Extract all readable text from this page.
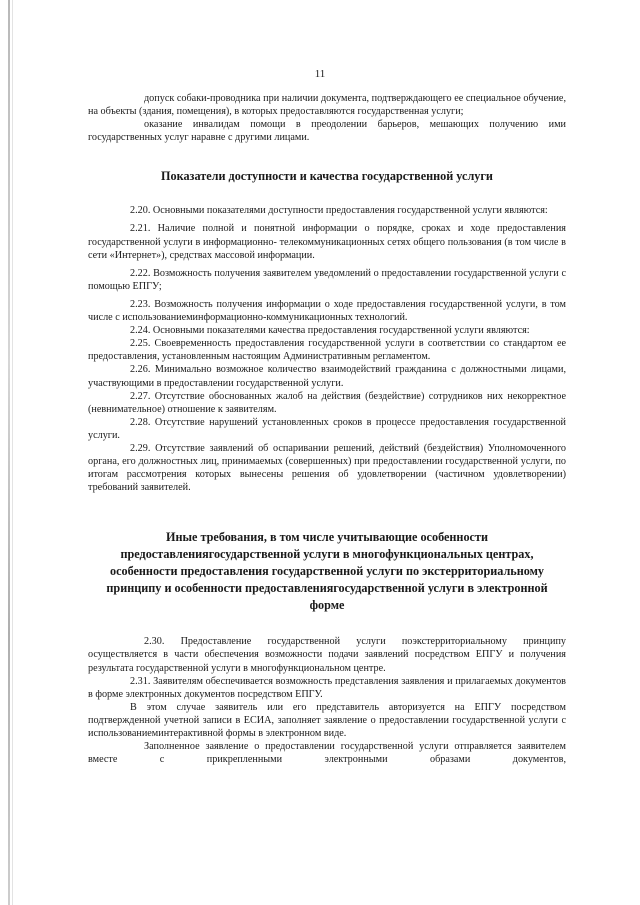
11

допуск собаки-проводника при наличии документа, подтверждающего ее специальное обучение, на объекты (здания, помещения), в которых предоставляются государственная услуги;

оказание инвалидам помощи в преодолении барьеров, мешающих получению ими государственных услуг наравне с другими лицами.

Показатели доступности и качества государственной услуги

2.20. Основными показателями доступности предоставления государственной услуги являются:

2.21. Наличие полной и понятной информации о порядке, сроках и ходе предоставления государственной услуги в информационно- телекоммуникационных сетях общего пользования (в том числе в сети «Интернет»), средствах массовой информации.

2.22. Возможность получения заявителем уведомлений о предоставлении государственной услуги с помощью ЕПГУ;

2.23. Возможность получения информации о ходе предоставления государственной услуги, в том числе с использованиеминформационно-коммуникационных технологий.

2.24. Основными показателями качества предоставления государственной услуги являются:

2.25. Своевременность предоставления государственной услуги в соответствии со стандартом ее предоставления, установленным настоящим Административным регламентом.

2.26. Минимально возможное количество взаимодействий гражданина с должностными лицами, участвующими в предоставлении государственной услуги.

2.27. Отсутствие обоснованных жалоб на действия (бездействие) сотрудников них некорректное (невнимательное) отношение к заявителям.

2.28. Отсутствие нарушений установленных сроков в процессе предоставления государственной услуги.

2.29. Отсутствие заявлений об оспаривании решений, действий (бездействия) Уполномоченного органа, его должностных лиц, принимаемых (совершенных) при предоставлении государственной услуги, по итогам рассмотрения которых вынесены решения об удовлетворении (частичном удовлетворении) требований заявителей.

Иные требования, в том числе учитывающие особенности предоставлениягосударственной услуги в многофункциональных центрах, особенности предоставления государственной услуги по экстерриториальному принципу и особенности предоставлениягосударственной услуги в электронной форме

2.30. Предоставление государственной услуги поэкстерриториальному принципу осуществляется в части обеспечения возможности подачи заявлений посредством ЕПГУ и получения результата государственной услуги в многофункциональном центре.

2.31. Заявителям обеспечивается возможность представления заявления и прилагаемых документов в форме электронных документов посредством ЕПГУ.

В этом случае заявитель или его представитель авторизуется на ЕПГУ посредством подтвержденной учетной записи в ЕСИА, заполняет заявление о предоставлении государственной услуги с использованиеминтерактивной формы в электронном виде.

Заполненное заявление о предоставлении государственной услуги отправляется заявителем вместе с прикрепленными электронными образами документов,
